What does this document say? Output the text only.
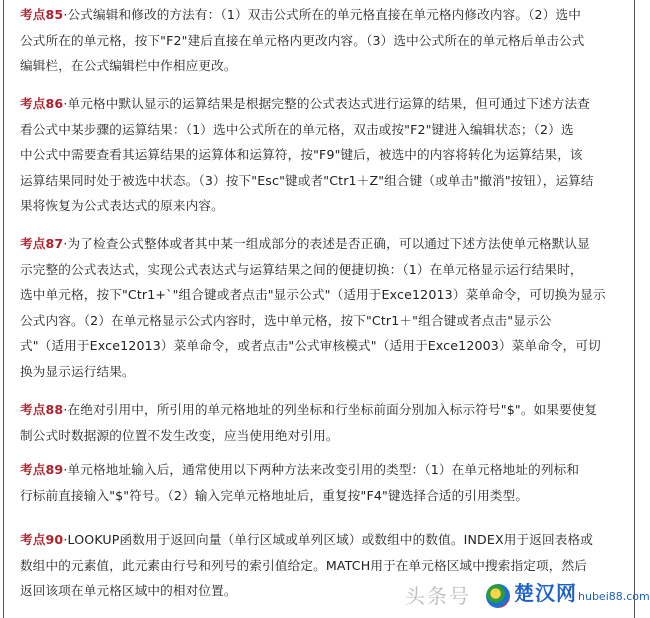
考点85·公式编辑和修改的方法有：（1）双击公式所在的单元格直接在单元格内修改内容。（2）选中
公式所在的单元格，按下"F2"建后直接在单元格内更改内容。（3）选中公式所在的单元格后单击公式
编辑栏，在公式编辑栏中作相应更改。
考点86·单元格中默认显示的运算结果是根据完整的公式表达式进行运算的结果，但可通过下述方法查
看公式中某步骤的运算结果：（1）选中公式所在的单元格，双击或按"F2"键进入编辑状态；（2）选
中公式中需要查看其运算结果的运算体和运算符，按"F9"键后，被选中的内容将转化为运算结果，该
运算结果同时处于被选中状态。（3）按下"Esc"键或者"Ctr1＋Z"组合键（或单击"撤消"按钮），运算结
果将恢复为公式表达式的原来内容。
考点87·为了检查公式整体或者其中某一组成部分的表述是否正确，可以通过下述方法使单元格默认显
示完整的公式表达式，实现公式表达式与运算结果之间的便捷切换：（1）在单元格显示运行结果时，
选中单元格，按下"Ctr1+`"组合键或者点击"显示公式"（适用于Exce12013）菜单命令，可切换为显示
公式内容。（2）在单元格显示公式内容时，选中单元格，按下"Ctr1＋"组合键或者点击"显示公
式"（适用于Exce12013）菜单命令，或者点击"公式审核模式"（适用于Exce12003）菜单命令，可切
换为显示运行结果。
考点88·在绝对引用中，所引用的单元格地址的列坐标和行坐标前面分别加入标示符号"$"。如果要使复
制公式时数据源的位置不发生改变，应当使用绝对引用。
考点89·单元格地址输入后，通常使用以下两种方法来改变引用的类型：（1）在单元格地址的列标和
行标前直接输入"$"符号。（2）输入完单元格地址后，重复按"F4"键选择合适的引用类型。
考点90·LOOKUP函数用于返回向量（单行区域或单列区域）或数组中的数值。INDEX用于返回表格或
数组中的元素值，此元素由行号和列号的索引值给定。MATCH用于在单元格区域中搜索指定项，然后
返回该项在单元格区域中的相对位置。	头条号 楚汉网 hubei88.com
